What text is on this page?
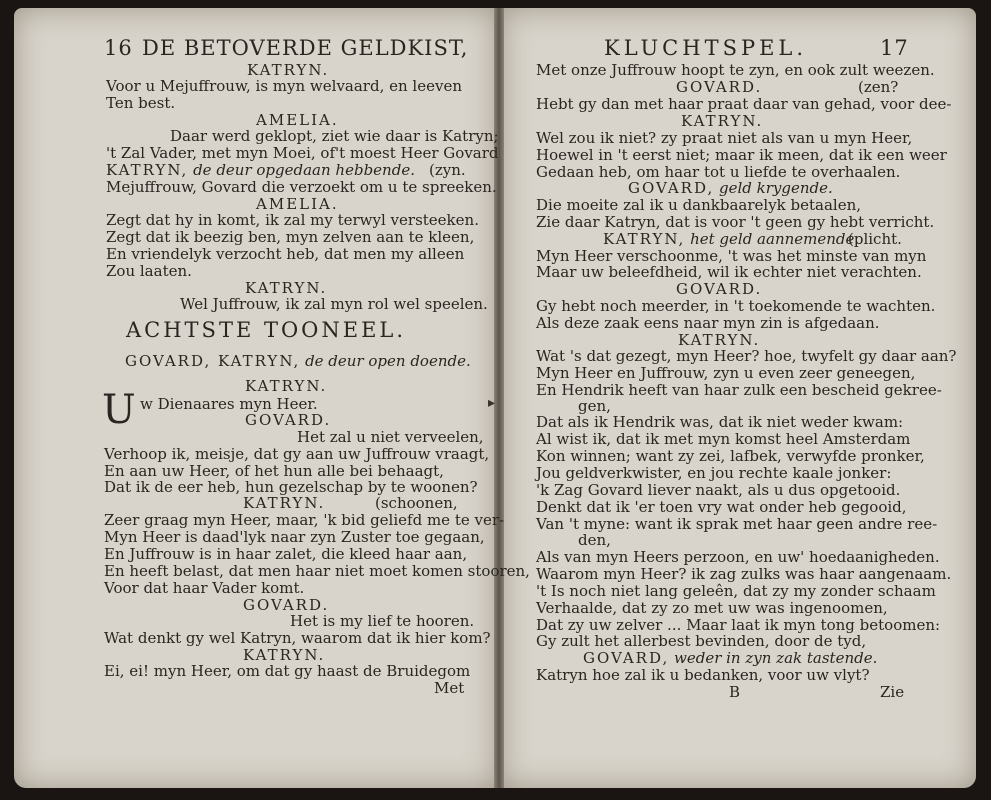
16 DE BETOVERDE GELDKIST,
KATRYN.
Voor u Mejuffrouw, is myn welvaard, en leeven
Ten best.
AMELIA.
Daar werd geklopt, ziet wie daar is Katryn;
't Zal Vader, met myn Moei, of't moest Heer Govard
KATRYN, de deur opgedaan hebbende. (zyn.
Mejuffrouw, Govard die verzoekt om u te spreeken.
AMELIA.
Zegt dat hy in komt, ik zal my terwyl versteeken.
Zegt dat ik beezig ben, myn zelven aan te kleen,
En vriendelyk verzocht heb, dat men my alleen
Zou laaten.
KATRYN.
Wel Juffrouw, ik zal myn rol wel speelen.
ACHTSTE TOONEEL.
GOVARD, KATRYN, de deur open doende.
KATRYN.
U w Dienaares myn Heer.
GOVARD.
Het zal u niet verveelen,
Verhoop ik, meisje, dat gy aan uw Juffrouw vraagt,
En aan uw Heer, of het hun alle bei behaagt,
Dat ik de eer heb, hun gezelschap by te woonen?
KATRYN.	(schoonen,
Zeer graag myn Heer, maar, 'k bid geliefd me te ver-
Myn Heer is daad'lyk naar zyn Zuster toe gegaan,
En Juffrouw is in haar zalet, die kleed haar aan,
En heeft belast, dat men haar niet moet komen stooren,
Voor dat haar Vader komt.
GOVARD.
Het is my lief te hooren.
Wat denkt gy wel Katryn, waarom dat ik hier kom?
KATRYN.
Ei, ei! myn Heer, om dat gy haast de Bruidegom
Met
KLUCHTSPEL.	17
Met onze Juffrouw hoopt te zyn, en ook zult weezen.
GOVARD.	(zen?
Hebt gy dan met haar praat daar van gehad, voor dee-
KATRYN.
Wel zou ik niet? zy praat niet als van u myn Heer,
Hoewel in 't eerst niet; maar ik meen, dat ik een weer
Gedaan heb, om haar tot u liefde te overhaalen.
GOVARD, geld krygende.
Die moeite zal ik u dankbaarelyk betaalen,
Zie daar Katryn, dat is voor 't geen gy hebt verricht.
KATRYN, het geld aannemende.
(plicht.
Myn Heer verschoonme, 't was het minste van myn
Maar uw beleefdheid, wil ik echter niet verachten.
GOVARD.
Gy hebt noch meerder, in 't toekomende te wachten.
Als deze zaak eens naar myn zin is afgedaan.
KATRYN.
Wat 's dat gezegt, myn Heer? hoe, twyfelt gy daar aan?
Myn Heer en Juffrouw, zyn u even zeer geneegen,
En Hendrik heeft van haar zulk een bescheid gekree-
gen,
Dat als ik Hendrik was, dat ik niet weder kwam:
Al wist ik, dat ik met myn komst heel Amsterdam
Kon winnen; want zy zei, lafbek, verwyfde pronker,
Jou geldverkwister, en jou rechte kaale jonker:
'k Zag Govard liever naakt, als u dus opgetooid.
Denkt dat ik 'er toen vry wat onder heb gegooid,
Van 't myne: want ik sprak met haar geen andre ree-
den,
Als van myn Heers perzoon, en uw' hoedaanigheden.
Waarom myn Heer? ik zag zulks was haar aangenaam.
't Is noch niet lang geleên, dat zy my zonder schaam
Verhaalde, dat zy zo met uw was ingenoomen,
Dat zy uw zelver ... Maar laat ik myn tong betoomen:
Gy zult het allerbest bevinden, door de tyd,
GOVARD, weder in zyn zak tastende.
Katryn hoe zal ik u bedanken, voor uw vlyt?
B	Zie
▸
